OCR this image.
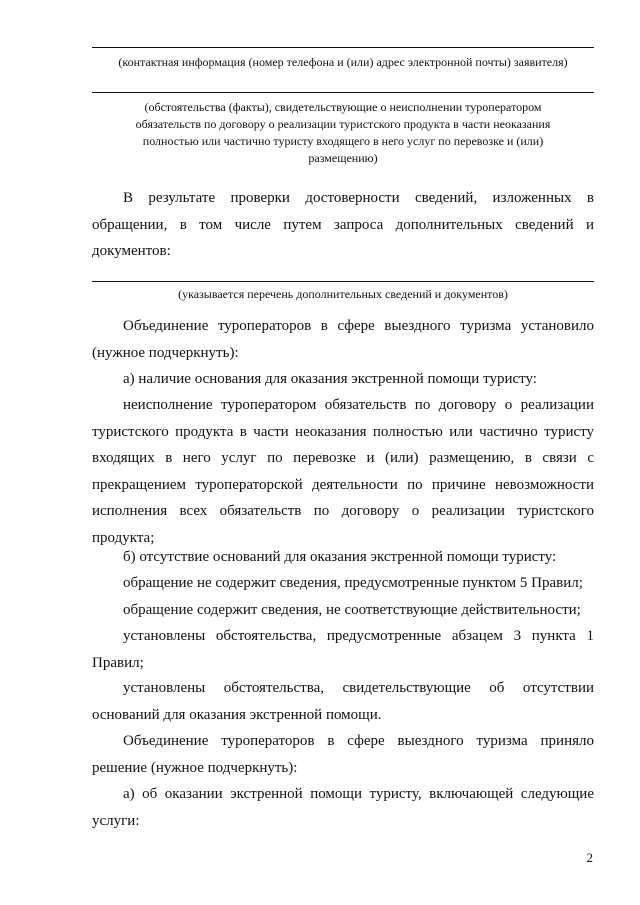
(контактная информация (номер телефона и (или) адрес электронной почты) заявителя)
(обстоятельства (факты), свидетельствующие о неисполнении туроператором обязательств по договору о реализации туристского продукта в части неоказания полностью или частично туристу входящего в него услуг по перевозке и (или) размещению)
В результате проверки достоверности сведений, изложенных в обращении, в том числе путем запроса дополнительных сведений и документов:
(указывается перечень дополнительных сведений и документов)
Объединение туроператоров в сфере выездного туризма установило (нужное подчеркнуть):
а) наличие основания для оказания экстренной помощи туристу:
неисполнение туроператором обязательств по договору о реализации туристского продукта в части неоказания полностью или частично туристу входящих в него услуг по перевозке и (или) размещению, в связи с прекращением туроператорской деятельности по причине невозможности исполнения всех обязательств по договору о реализации туристского продукта;
б) отсутствие оснований для оказания экстренной помощи туристу:
обращение не содержит сведения, предусмотренные пунктом 5 Правил;
обращение содержит сведения, не соответствующие действительности;
установлены обстоятельства, предусмотренные абзацем 3 пункта 1 Правил;
установлены обстоятельства, свидетельствующие об отсутствии оснований для оказания экстренной помощи.
Объединение туроператоров в сфере выездного туризма приняло решение (нужное подчеркнуть):
а) об оказании экстренной помощи туристу, включающей следующие услуги:
2
